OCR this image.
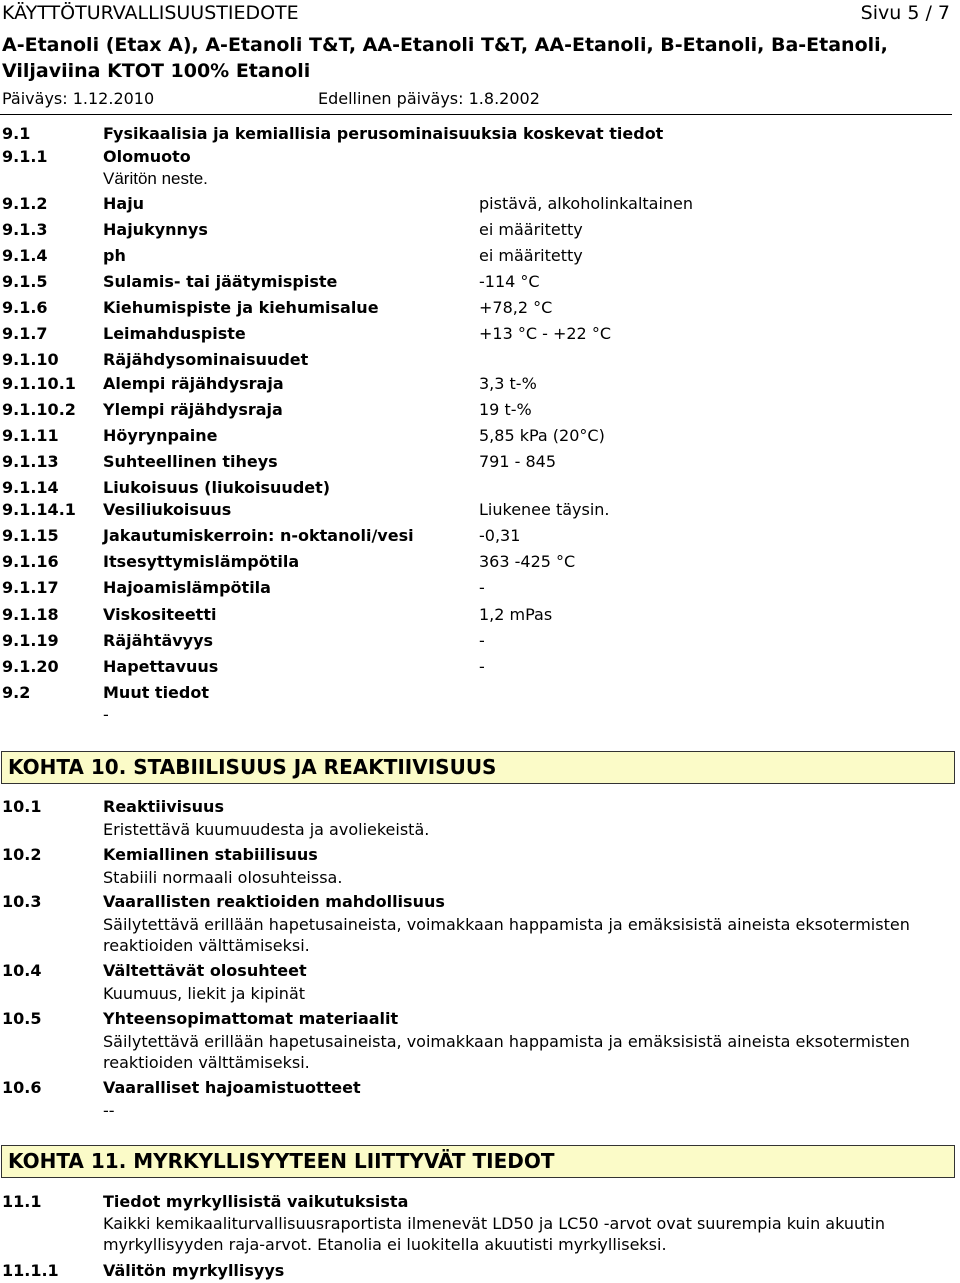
KÄYTTÖTURVALLISUUSTIEDOTE	Sivu 5 / 7
A-Etanoli (Etax A), A-Etanoli T&T, AA-Etanoli T&T, AA-Etanoli, B-Etanoli, Ba-Etanoli,
Viljaviina KTOT 100% Etanoli
Päiväys: 1.12.2010	Edellinen päiväys: 1.8.2002
9.1	Fysikaalisia ja kemiallisia perusominaisuuksia koskevat tiedot
9.1.1	Olomuoto
Väritön neste.
9.1.2	Haju	pistävä, alkoholinkaltainen
9.1.3	Hajukynnys	ei määritetty
9.1.4	ph	ei määritetty
9.1.5	Sulamis- tai jäätymispiste	-114 °C
9.1.6	Kiehumispiste ja kiehumisalue	+78,2 °C
9.1.7	Leimahduspiste	+13 °C - +22 °C
9.1.10	Räjähdysominaisuudet
9.1.10.1 Alempi räjähdysraja	3,3 t-%
9.1.10.2 Ylempi räjähdysraja	19 t-%
9.1.11	Höyrynpaine	5,85 kPa (20°C)
9.1.13	Suhteellinen tiheys	791 - 845
9.1.14	Liukoisuus (liukoisuudet)
9.1.14.1 Vesiliukoisuus	Liukenee täysin.
9.1.15	Jakautumiskerroin: n-oktanoli/vesi	-0,31
9.1.16	Itsesyttymislämpötila	363 -425 °C
9.1.17	Hajoamislämpötila	-
9.1.18	Viskositeetti	1,2 mPas
9.1.19	Räjähtävyys	-
9.1.20	Hapettavuus	-
9.2	Muut tiedot
-
KOHTA 10. STABIILISUUS JA REAKTIIVISUUS
10.1	Reaktiivisuus
Eristettävä kuumuudesta ja avoliekeistä.
10.2	Kemiallinen stabiilisuus
Stabiili normaali olosuhteissa.
10.3	Vaarallisten reaktioiden mahdollisuus
Säilytettävä erillään hapetusaineista, voimakkaan happamista ja emäksisistä aineista eksotermisten reaktioiden välttämiseksi.
10.4	Vältettävät olosuhteet
Kuumuus, liekit ja kipinät
10.5	Yhteensopimattomat materiaalit
Säilytettävä erillään hapetusaineista, voimakkaan happamista ja emäksisistä aineista eksotermisten reaktioiden välttämiseksi.
10.6	Vaaralliset hajoamistuotteet
--
KOHTA 11. MYRKYLLISYYTEEN LIITTYVÄT TIEDOT
11.1	Tiedot myrkyllisistä vaikutuksista
Kaikki kemikaaliturvallisuusraportista ilmenevät LD50 ja LC50 -arvot ovat suurempia kuin akuutin myrkyllisyyden raja-arvot. Etanolia ei luokitella akuutisti myrkylliseksi.
11.1.1	Välitön myrkyllisyys
